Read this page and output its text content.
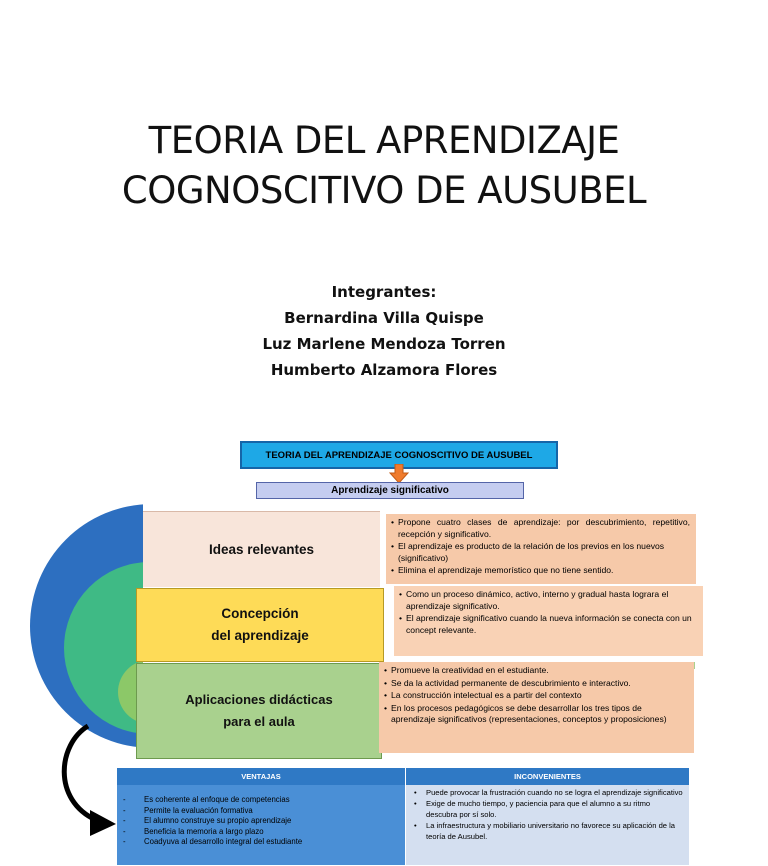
TEORIA DEL APRENDIZAJE
COGNOSCITIVO DE AUSUBEL
Integrantes:
Bernardina Villa Quispe
Luz Marlene Mendoza Torren
Humberto Alzamora Flores
TEORIA DEL APRENDIZAJE COGNOSCITIVO DE AUSUBEL
Aprendizaje significativo
Ideas relevantes
• Propone cuatro clases de aprendizaje: por descubrimiento, repetitivo, recepción y significativo.
• El aprendizaje es producto de la relación de los previos en los nuevos (significativo)
• Elimina el aprendizaje memorístico que no tiene sentido.
Concepción
del aprendizaje
• Como un proceso dinámico, activo, interno y gradual hasta lograra el aprendizaje significativo.
• El aprendizaje significativo cuando la nueva información se conecta con un concept relevante.
Aplicaciones didácticas
para el aula
• Promueve la creatividad en el estudiante.
• Se da la actividad permanente de descubrimiento e interactivo.
• La construcción intelectual es a partir del contexto
• En los procesos pedagógicos se debe desarrollar los tres tipos de aprendizaje significativos (representaciones, conceptos y proposiciones)
VENTAJAS	INCONVENIENTES
- Es coherente al enfoque de competencias
- Permite la evaluación formativa
- El alumno construye su propio aprendizaje
- Beneficia la memoria a largo plazo
- Coadyuva al desarrollo integral del estudiante
• Puede provocar la frustración cuando no se logra el aprendizaje significativo
• Exige de mucho tiempo, y paciencia para que el alumno a su ritmo descubra por sí solo.
• La infraestructura y mobiliario universitario no favorece su aplicación de la teoría de Ausubel.
